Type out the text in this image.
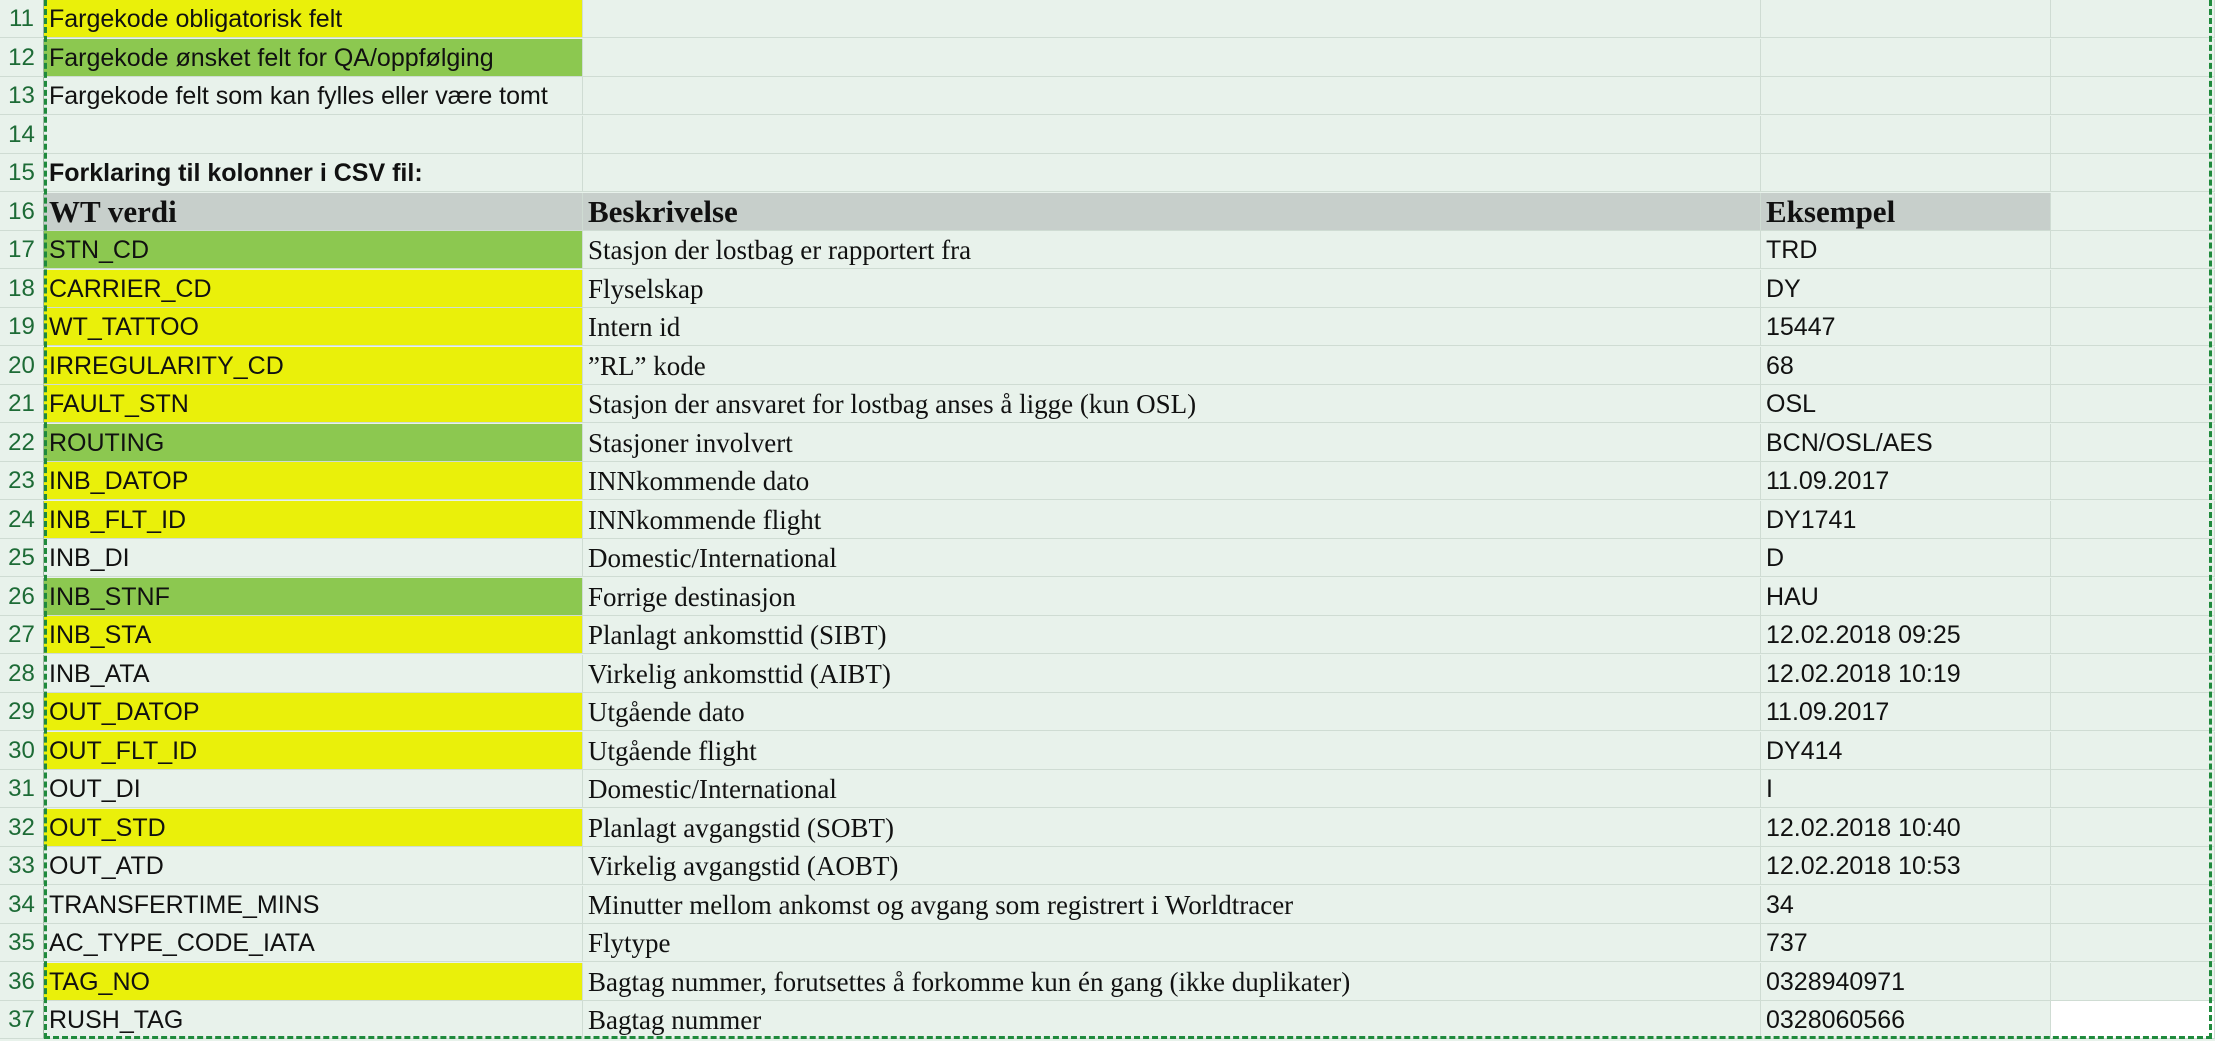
11 Fargekode obligatorisk felt
12 Fargekode ønsket felt for QA/oppfølging
13 Fargekode felt som kan fylles eller være tomt
14
15 Forklaring til kolonner i CSV fil:
16 WT verdi	Beskrivelse	Eksempel
17 STN_CD	Stasjon der lostbag er rapportert fra	TRD
18 CARRIER_CD	Flyselskap	DY
19 WT_TATTOO	Intern id	15447
20 IRREGULARITY_CD	”RL” kode	68
21 FAULT_STN	Stasjon der ansvaret for lostbag anses å ligge (kun OSL)	OSL
22 ROUTING	Stasjoner involvert	BCN/OSL/AES
23 INB_DATOP	INNkommende dato	11.09.2017
24 INB_FLT_ID	INNkommende flight	DY1741
25 INB_DI	Domestic/International	D
26 INB_STNF	Forrige destinasjon	HAU
27 INB_STA	Planlagt ankomsttid (SIBT)	12.02.2018 09:25
28 INB_ATA	Virkelig ankomsttid (AIBT)	12.02.2018 10:19
29 OUT_DATOP	Utgående dato	11.09.2017
30 OUT_FLT_ID	Utgående flight	DY414
31 OUT_DI	Domestic/International	I
32 OUT_STD	Planlagt avgangstid (SOBT)	12.02.2018 10:40
33 OUT_ATD	Virkelig avgangstid (AOBT)	12.02.2018 10:53
34 TRANSFERTIME_MINS	Minutter mellom ankomst og avgang som registrert i Worldtracer	34
35 AC_TYPE_CODE_IATA	Flytype	737
36 TAG_NO	Bagtag nummer, forutsettes å forkomme kun én gang (ikke duplikater)	0328940971
37 RUSH_TAG	Bagtag nummer	0328060566
